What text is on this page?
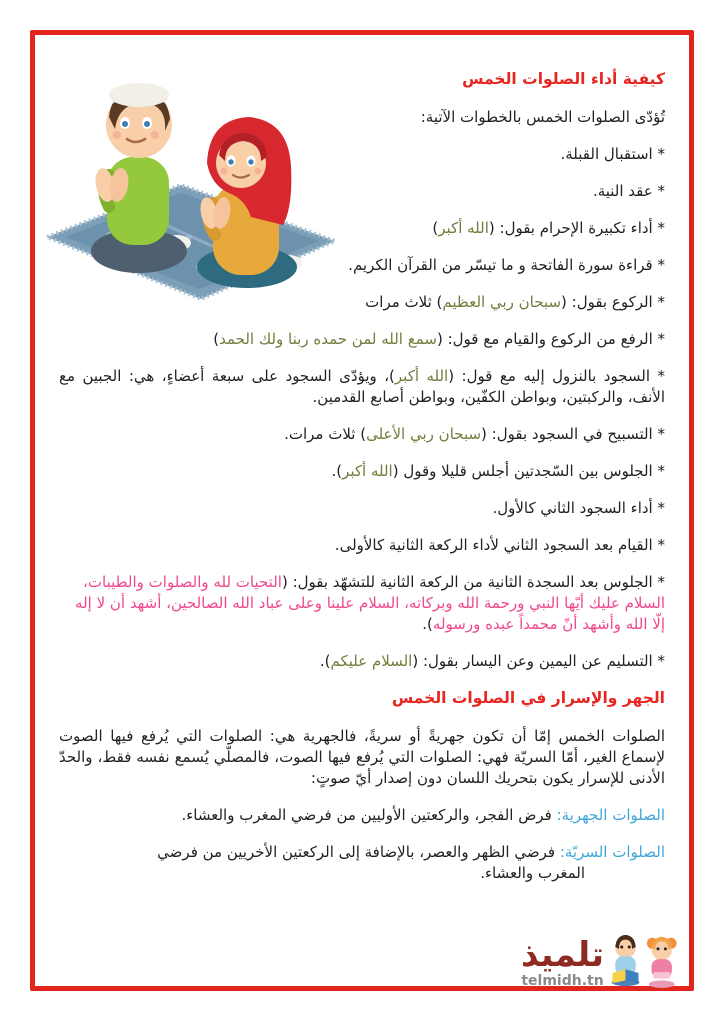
كيفية أداء الصلوات الخمس

تُؤدّى الصلوات الخمس بالخطوات الآتية:

* استقبال القبلة.

* عقد النية.

* أداء تكبيرة الإحرام بقول: (الله أكبر)

* قراءة سورة الفاتحة و ما تيسّر من القرآن الكريم.

* الركوع بقول: (سبحان ربي العظيم) ثلاث مرات

* الرفع من الركوع والقيام مع قول: (سمع الله لمن حمده ربنا ولك الحمد)

* السجود بالنزول إليه مع قول: (الله أكبر)، ويؤدّى السجود على سبعة أعضاءٍ، هي: الجبين مع الأنف، والركبتين، وبواطن الكفّين، وبواطن أصابع القدمين.

* التسبيح في السجود بقول: (سبحان ربي الأعلى) ثلاث مرات.

* الجلوس بين السّجدتين أجلس قليلا وقول (الله أكبر).

* أداء السجود الثاني كالأول.

* القيام بعد السجود الثاني لأداء الركعة الثانية كالأولى.

* الجلوس بعد السجدة الثانية من الركعة الثانية للتشهّد بقول: (التحيات لله والصلوات والطيبات، السلام عليك أيّها النبي ورحمة الله وبركاته، السلام علينا وعلى عباد الله الصالحين، أشهد أن لا إله إلّا الله وأشهد أنّ محمداً عبده ورسوله).

* التسليم عن اليمين وعن اليسار بقول: (السلام عليكم).

الجهر والإسرار في الصلوات الخمس

الصلوات الخمس إمّا أن تكون جهريةً أو سريةً، فالجهرية هي: الصلوات التي يُرفع فيها الصوت لإسماع الغير، أمّا السريّة فهي: الصلوات التي يُرفع فيها الصوت، فالمصلّي يُسمع نفسه فقط، والحدّ الأدنى للإسرار يكون بتحريك اللسان دون إصدار أيّ صوتٍ:

الصلوات الجهرية: فرض الفجر، والركعتين الأوليين من فرضي المغرب والعشاء.

الصلوات السريّة: فرضي الظهر والعصر، بالإضافة إلى الركعتين الأخريين من فرضي
المغرب والعشاء.

تلميذ
telmidh.tn
